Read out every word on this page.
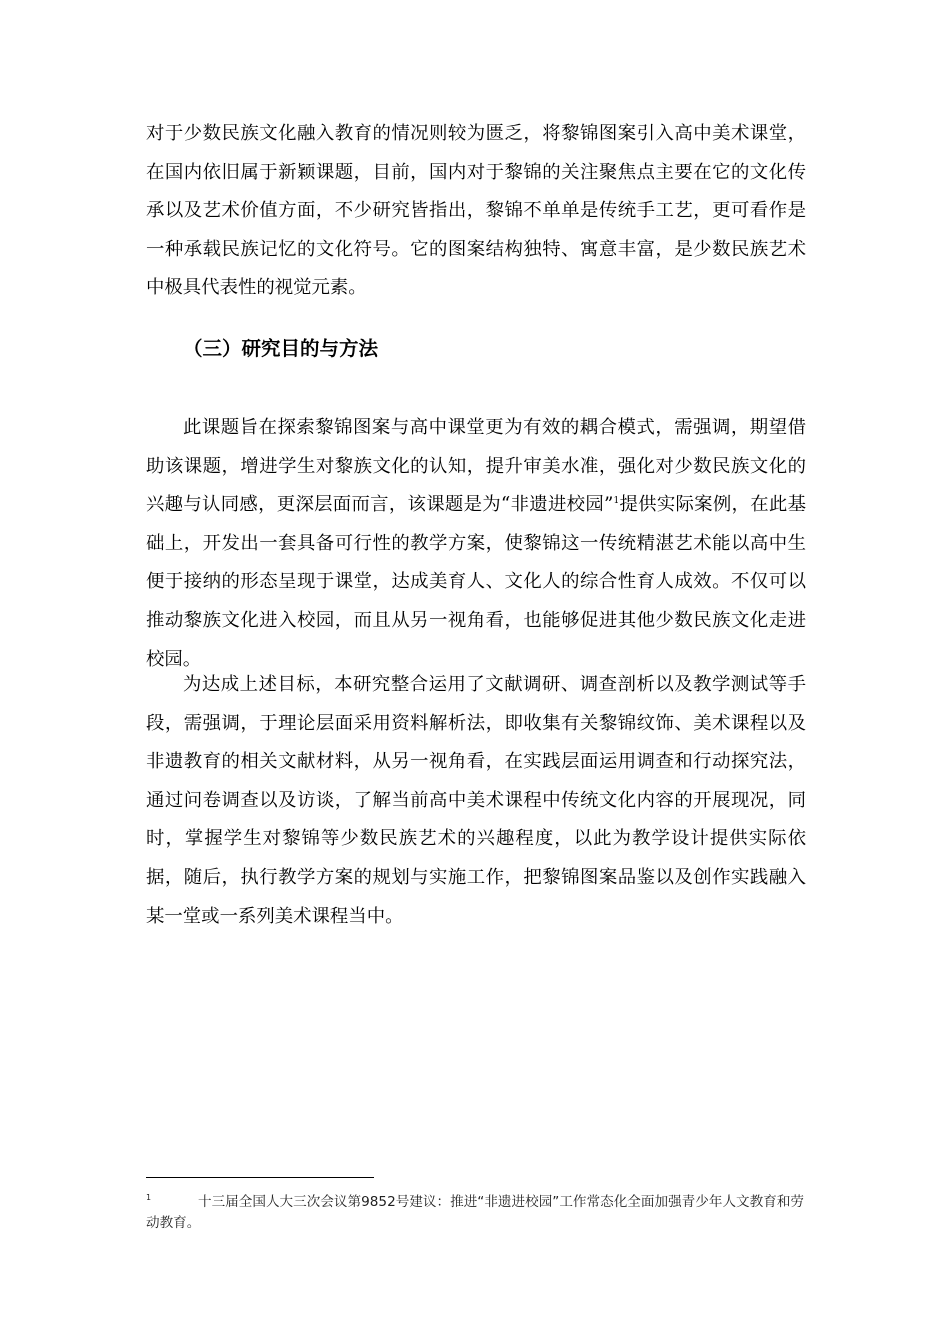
对于少数民族文化融入教育的情况则较为匮乏，将黎锦图案引入高中美术课堂，在国内依旧属于新颖课题，目前，国内对于黎锦的关注聚焦点主要在它的文化传承以及艺术价值方面，不少研究皆指出，黎锦不单单是传统手工艺，更可看作是一种承载民族记忆的文化符号。它的图案结构独特、寓意丰富，是少数民族艺术中极具代表性的视觉元素。

（三）研究目的与方法

此课题旨在探索黎锦图案与高中课堂更为有效的耦合模式，需强调，期望借助该课题，增进学生对黎族文化的认知，提升审美水准，强化对少数民族文化的兴趣与认同感，更深层面而言，该课题是为“非遗进校园”$^1$提供实际案例，在此基础上，开发出一套具备可行性的教学方案，使黎锦这一传统精湛艺术能以高中生便于接纳的形态呈现于课堂，达成美育人、文化人的综合性育人成效。不仅可以推动黎族文化进入校园，而且从另一视角看，也能够促进其他少数民族文化走进校园。

为达成上述目标，本研究整合运用了文献调研、调查剖析以及教学测试等手段，需强调，于理论层面采用资料解析法，即收集有关黎锦纹饰、美术课程以及非遗教育的相关文献材料，从另一视角看，在实践层面运用调查和行动探究法，通过问卷调查以及访谈，了解当前高中美术课程中传统文化内容的开展现况，同时，掌握学生对黎锦等少数民族艺术的兴趣程度，以此为教学设计提供实际依据，随后，执行教学方案的规划与实施工作，把黎锦图案品鉴以及创作实践融入某一堂或一系列美术课程当中。

1	十三届全国人大三次会议第9852号建议：推进“非遗进校园”工作常态化全面加强青少年人文教育和劳动教育。
